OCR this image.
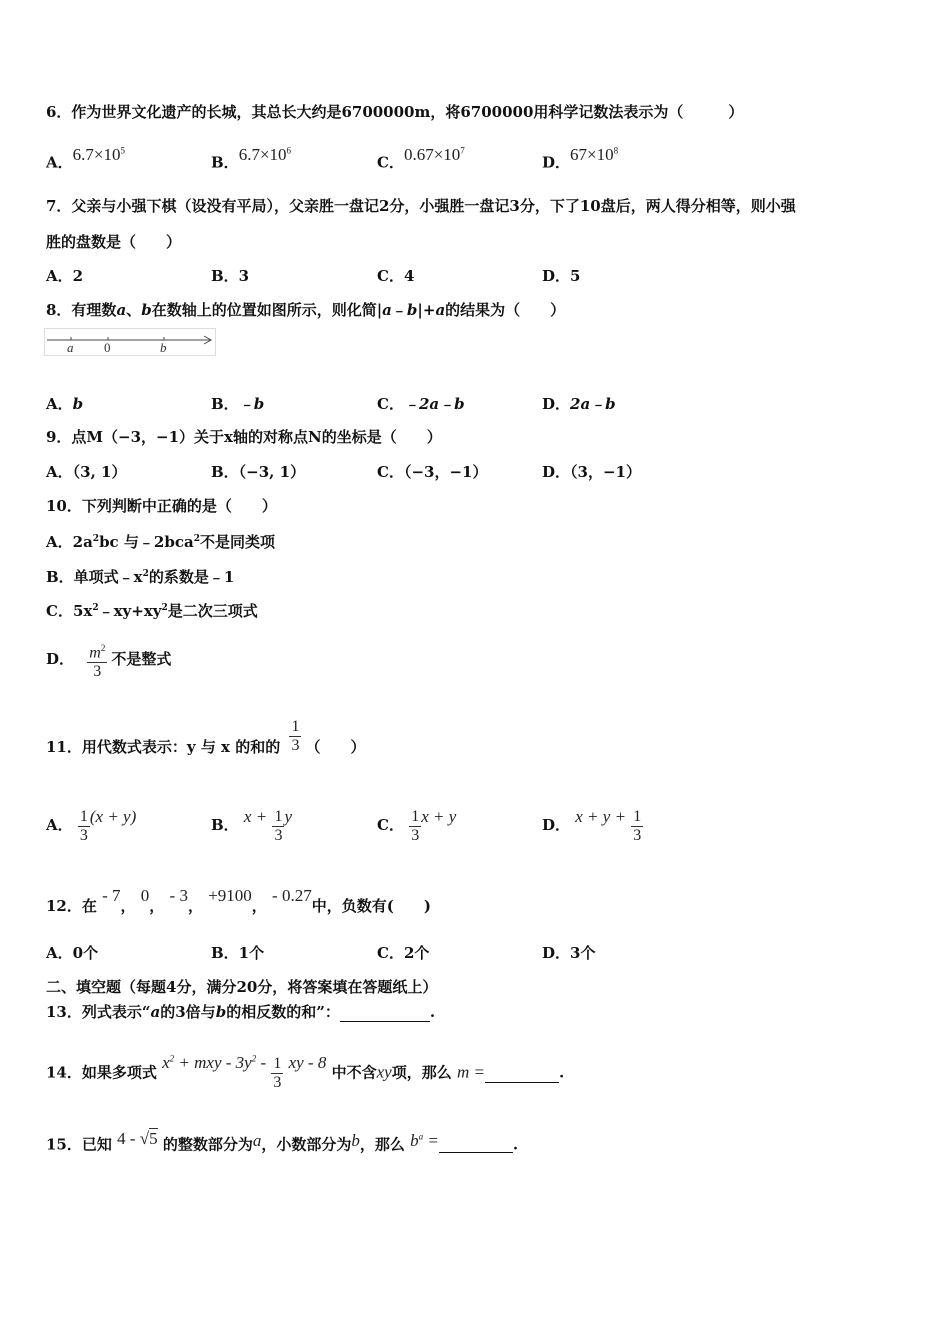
6．作为世界文化遗产的长城，其总长大约是6700000m，将6700000用科学记数法表示为（　　　）
A．$6.7\times 10^5$
B．$6.7\times 10^6$
C．$0.67\times 10^7$
D．$67\times 10^8$
7．父亲与小强下棋（设没有平局），父亲胜一盘记2分，小强胜一盘记3分，下了10盘后，两人得分相等，则小强
胜的盘数是（　　）
A．2	B．3	C．4	D．5
8．有理数a、b在数轴上的位置如图所示，则化简|a﹣b|+a的结果为（　　）
a 0	b
A．b	B．﹣b	C．﹣2a﹣b	D．2a﹣b
9．点M（−3，−1）关于x轴的对称点N的坐标是（　　）
A．（3, 1）	B．（−3, 1）	C．（−3，−1）	D．（3，−1）
10．下列判断中正确的是（　　）
A．$2a^2bc$ 与﹣2bca$^2$不是同类项
B．单项式$﹣x^2$的系数是﹣1
C．$5x^2﹣xy+xy^2$是二次三项式
D． $\frac{m^2}{3}$ 不是整式
11．用代数式表示：y 与 x 的和的 $\frac{1}{3}$ （　　）
A． $\frac{1}{3} (x + y)$	B． $x + \frac{1}{3}$ y	C． $\frac{1}{3}$ x + y	D． $x + y + \frac{1}{3}$
12．在 - 7， 0， - 3， +9100， - 0.27中，负数有(　　)
A．0个	B．1个	C．2个	D．3个
二、填空题（每题4分，满分20分，将答案填在答题纸上）
13．列式表示“a的3倍与b的相反数的和”：	.
14．如果多项式 $x^2$ + mxy - $3y^2 - \frac{1}{3}$ xy - 8 中不含xy项，那么 m =	.
15．已知 4 - √5 的整数部分为a，小数部分为b，那么 $b^a$ =	.
